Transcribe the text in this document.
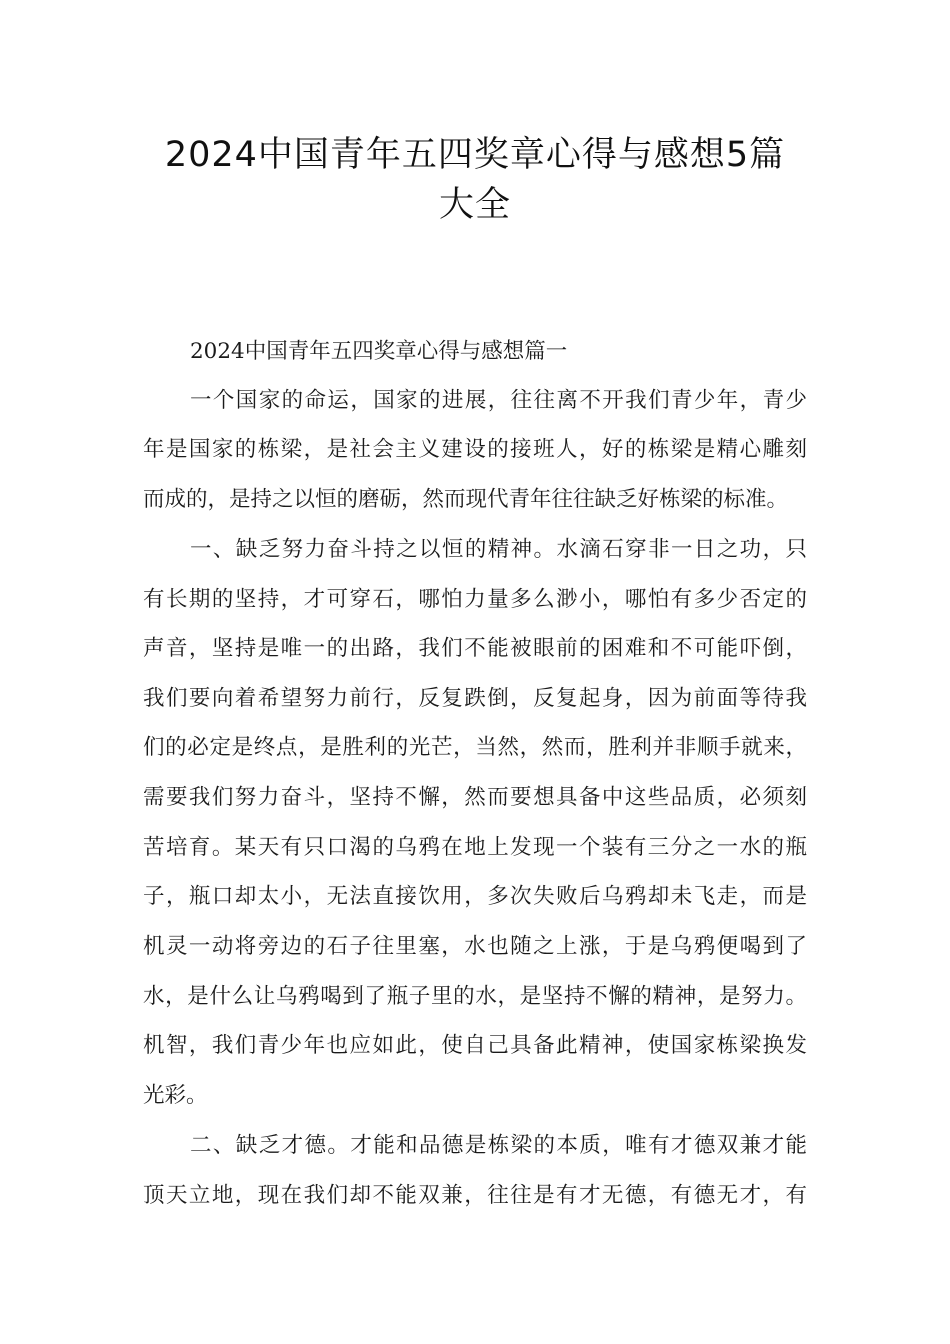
2024中国青年五四奖章心得与感想5篇
大全
2024中国青年五四奖章心得与感想篇一
一个国家的命运，国家的进展，往往离不开我们青少年，青少
年是国家的栋梁，是社会主义建设的接班人，好的栋梁是精心雕刻
而成的，是持之以恒的磨砺，然而现代青年往往缺乏好栋梁的标准。
一、缺乏努力奋斗持之以恒的精神。水滴石穿非一日之功，只
有长期的坚持，才可穿石，哪怕力量多么渺小，哪怕有多少否定的
声音，坚持是唯一的出路，我们不能被眼前的困难和不可能吓倒，
我们要向着希望努力前行，反复跌倒，反复起身，因为前面等待我
们的必定是终点，是胜利的光芒，当然，然而，胜利并非顺手就来，
需要我们努力奋斗，坚持不懈，然而要想具备中这些品质，必须刻
苦培育。某天有只口渴的乌鸦在地上发现一个装有三分之一水的瓶
子，瓶口却太小，无法直接饮用，多次失败后乌鸦却未飞走，而是
机灵一动将旁边的石子往里塞，水也随之上涨，于是乌鸦便喝到了
水，是什么让乌鸦喝到了瓶子里的水，是坚持不懈的精神，是努力。
机智，我们青少年也应如此，使自己具备此精神，使国家栋梁换发
光彩。
二、缺乏才德。才能和品德是栋梁的本质，唯有才德双兼才能
顶天立地，现在我们却不能双兼，往往是有才无德，有德无才，有
